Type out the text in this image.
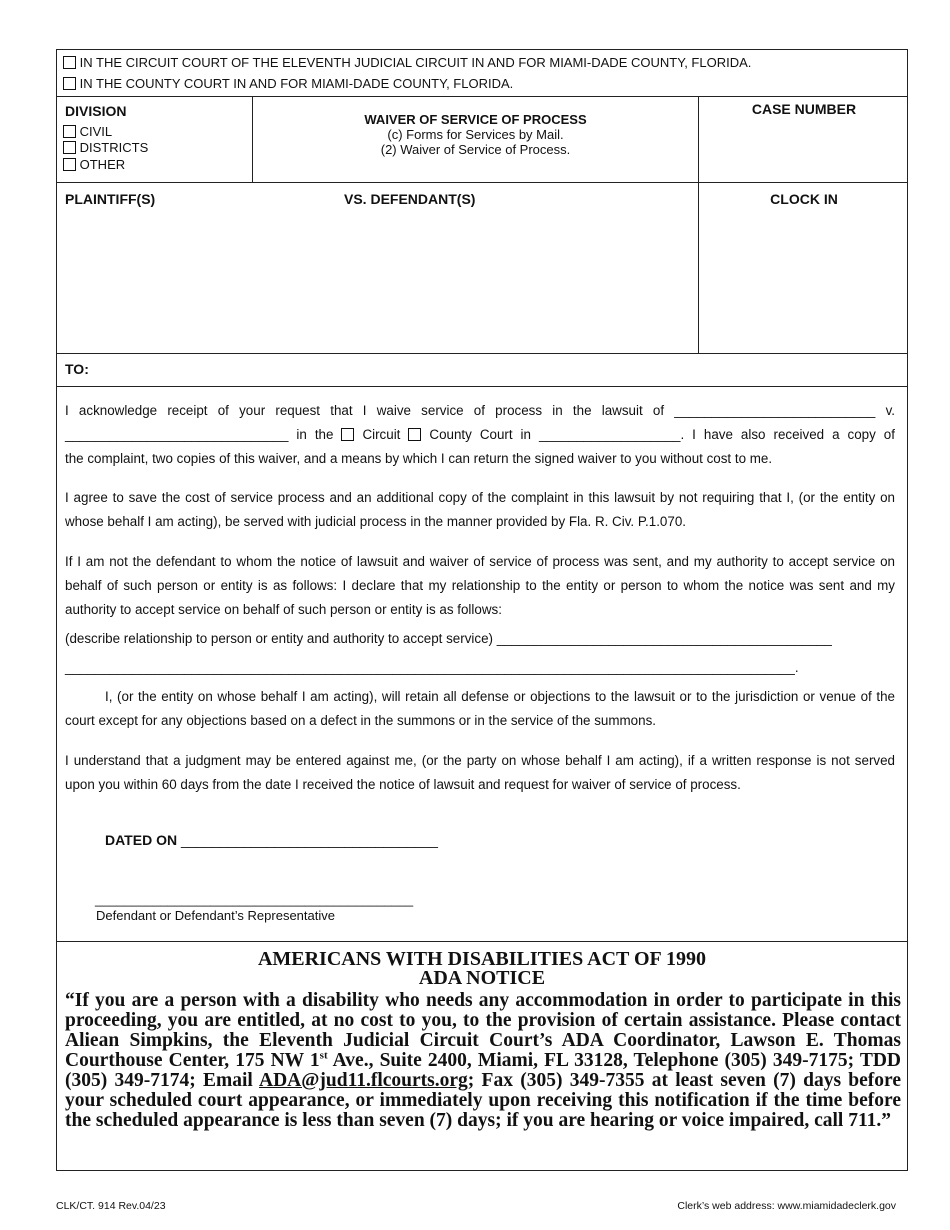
IN THE CIRCUIT COURT OF THE ELEVENTH JUDICIAL CIRCUIT IN AND FOR MIAMI-DADE COUNTY, FLORIDA.
IN THE COUNTY COURT IN AND FOR MIAMI-DADE COUNTY, FLORIDA.
DIVISION
CIVIL
DISTRICTS
OTHER
WAIVER OF SERVICE OF PROCESS
(c) Forms for Services by Mail.
(2) Waiver of Service of Process.
CASE NUMBER
PLAINTIFF(S)	VS. DEFENDANT(S)	CLOCK IN
TO:
I acknowledge receipt of your request that I waive service of process in the lawsuit of ___________________________ v.
______________________________ in the Circuit County Court in ___________________. I have also received a copy of
the complaint, two copies of this waiver, and a means by which I can return the signed waiver to you without cost to me.
I agree to save the cost of service process and an additional copy of the complaint in this lawsuit by not requiring that I, (or the entity on whose behalf I am acting), be served with judicial process in the manner provided by Fla. R. Civ. P.1.070.
If I am not the defendant to whom the notice of lawsuit and waiver of service of process was sent, and my authority to accept service on behalf of such person or entity is as follows: I declare that my relationship to the entity or person to whom the notice was sent and my authority to accept service on behalf of such person or entity is as follows:
(describe relationship to person or entity and authority to accept service) _____________________________________________
__________________________________________________________________________________________________.
I, (or the entity on whose behalf I am acting), will retain all defense or objections to the lawsuit or to the jurisdiction or venue of the court except for any objections based on a defect in the summons or in the service of the summons.
I understand that a judgment may be entered against me, (or the party on whose behalf I am acting), if a written response is not served upon you within 60 days from the date I received the notice of lawsuit and request for waiver of service of process.
DATED ON _________________________________
____________________________________________
Defendant or Defendant’s Representative
AMERICANS WITH DISABILITIES ACT OF 1990
ADA NOTICE
“If you are a person with a disability who needs any accommodation in order to participate in this proceeding, you are entitled, at no cost to you, to the provision of certain assistance. Please contact Aliean Simpkins, the Eleventh Judicial Circuit Court’s ADA Coordinator, Lawson E. Thomas Courthouse Center, 175 NW 1st Ave., Suite 2400, Miami, FL 33128, Telephone (305) 349-7175; TDD (305) 349-7174; Email ADA@jud11.flcourts.org; Fax (305) 349-7355 at least seven (7) days before your scheduled court appearance, or immediately upon receiving this notification if the time before the scheduled appearance is less than seven (7) days; if you are hearing or voice impaired, call 711.”
CLK/CT. 914 Rev.04/23	Clerk’s web address: www.miamidadeclerk.gov
